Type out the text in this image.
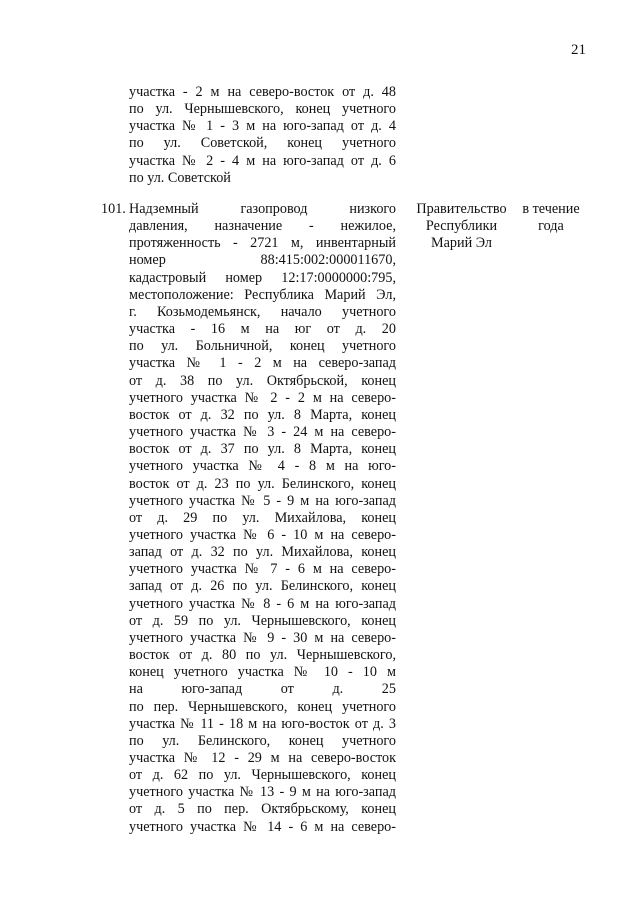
21
участка - 2 м на северо-восток от д. 48
по ул. Чернышевского, конец учетного
участка № 1 - 3 м на юго-запад от д. 4
по ул. Советской, конец учетного
участка № 2 - 4 м на юго-запад от д. 6
по ул. Советской
101. Надземный газопровод низкого
давления, назначение - нежилое,
протяженность - 2721 м, инвентарный
номер 88:415:002:000011670,
кадастровый номер 12:17:0000000:795,
местоположение: Республика Марий Эл,
г. Козьмодемьянск, начало учетного
участка - 16 м на юг от д. 20
по ул. Больничной, конец учетного
участка № 1 - 2 м на северо-запад
от д. 38 по ул. Октябрьской, конец
учетного участка № 2 - 2 м на северо-
восток от д. 32 по ул. 8 Марта, конец
учетного участка № 3 - 24 м на северо-
восток от д. 37 по ул. 8 Марта, конец
учетного участка № 4 - 8 м на юго-
восток от д. 23 по ул. Белинского, конец
учетного участка № 5 - 9 м на юго-запад
от д. 29 по ул. Михайлова, конец
учетного участка № 6 - 10 м на северо-
запад от д. 32 по ул. Михайлова, конец
учетного участка № 7 - 6 м на северо-
запад от д. 26 по ул. Белинского, конец
учетного участка № 8 - 6 м на юго-запад
от д. 59 по ул. Чернышевского, конец
учетного участка № 9 - 30 м на северо-
восток от д. 80 по ул. Чернышевского,
конец учетного участка № 10 - 10 м
на юго-запад от д. 25
по пер. Чернышевского, конец учетного
участка № 11 - 18 м на юго-восток от д. 3
по ул. Белинского, конец учетного
участка № 12 - 29 м на северо-восток
от д. 62 по ул. Чернышевского, конец
учетного участка № 13 - 9 м на юго-запад
от д. 5 по пер. Октябрьскому, конец
учетного участка № 14 - 6 м на северо-
Правительство
Республики
Марий Эл
в течение
года
